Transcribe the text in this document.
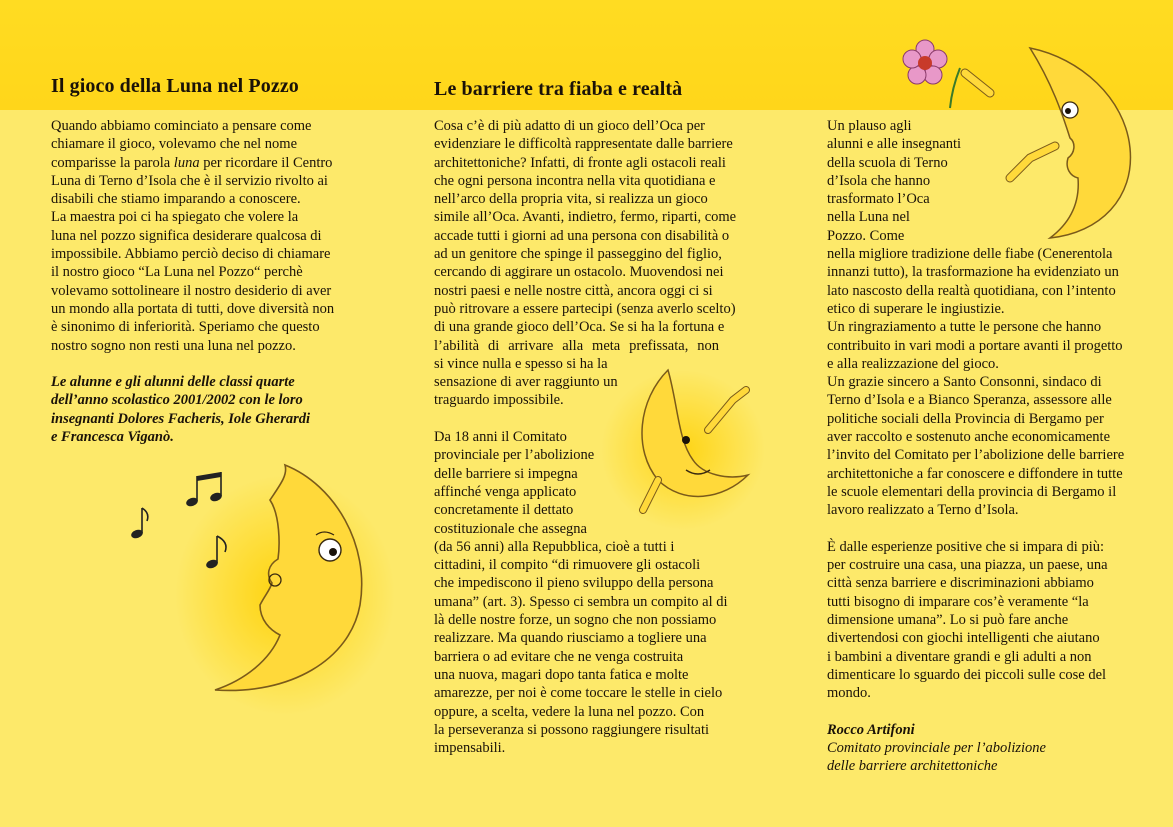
Il gioco della Luna nel Pozzo
Quando abbiamo cominciato a pensare come
chiamare il gioco, volevamo che nel nome
comparisse la parola luna per ricordare il Centro
Luna di Terno d’Isola che è il servizio rivolto ai
disabili che stiamo imparando a conoscere.
La maestra poi ci ha spiegato che volere la
luna nel pozzo significa desiderare qualcosa di
impossibile. Abbiamo perciò deciso di chiamare
il nostro gioco “La Luna nel Pozzo“ perchè
volevamo sottolineare il nostro desiderio di aver
un mondo alla portata di tutti, dove diversità non
è sinonimo di inferiorità. Speriamo che questo
nostro sogno non resti una luna nel pozzo.
Le alunne e gli alunni delle classi quarte
dell’anno scolastico 2001/2002 con le loro
insegnanti Dolores Facheris, Iole Gherardi
e Francesca Viganò.
Le barriere tra fiaba e realtà
Cosa c’è di più adatto di un gioco dell’Oca per
evidenziare le difficoltà rappresentate dalle barriere
architettoniche? Infatti, di fronte agli ostacoli reali
che ogni persona incontra nella vita quotidiana e
nell’arco della propria vita, si realizza un gioco
simile all’Oca. Avanti, indietro, fermo, riparti, come
accade tutti i giorni ad una persona con disabilità o
ad un genitore che spinge il passeggino del figlio,
cercando di aggirare un ostacolo. Muovendosi nei
nostri paesi e nelle nostre città, ancora oggi ci si
può ritrovare a essere partecipi (senza averlo scelto)
di una grande gioco dell’Oca. Se si ha la fortuna e
l’abilità di arrivare alla meta prefissata, non
si vince nulla e spesso si ha la
sensazione di aver raggiunto un
traguardo impossibile.
Da 18 anni il Comitato
provinciale per l’abolizione
delle barriere si impegna
affinché venga applicato
concretamente il dettato
costituzionale che assegna
(da 56 anni) alla Repubblica, cioè a tutti i
cittadini, il compito “di rimuovere gli ostacoli
che impediscono il pieno sviluppo della persona
umana” (art. 3). Spesso ci sembra un compito al di
là delle nostre forze, un sogno che non possiamo
realizzare. Ma quando riusciamo a togliere una
barriera o ad evitare che ne venga costruita
una nuova, magari dopo tanta fatica e molte
amarezze, per noi è come toccare le stelle in cielo
oppure, a scelta, vedere la luna nel pozzo. Con
la perseveranza si possono raggiungere risultati
impensabili.
Un plauso agli
alunni e alle insegnanti
della scuola di Terno
d’Isola che hanno
trasformato l’Oca
nella Luna nel
Pozzo. Come
nella migliore tradizione delle fiabe (Cenerentola
innanzi tutto), la trasformazione ha evidenziato un
lato nascosto della realtà quotidiana, con l’intento
etico di superare le ingiustizie.
Un ringraziamento a tutte le persone che hanno
contribuito in vari modi a portare avanti il progetto
e alla realizzazione del gioco.
Un grazie sincero a Santo Consonni, sindaco di
Terno d’Isola e a Bianco Speranza, assessore alle
politiche sociali della Provincia di Bergamo per
aver raccolto e sostenuto anche economicamente
l’invito del Comitato per l’abolizione delle barriere
architettoniche a far conoscere e diffondere in tutte
le scuole elementari della provincia di Bergamo il
lavoro realizzato a Terno d’Isola.
È dalle esperienze positive che si impara di più:
per costruire una casa, una piazza, un paese, una
città senza barriere e discriminazioni abbiamo
tutti bisogno di imparare cos’è veramente “la
dimensione umana”. Lo si può fare anche
divertendosi con giochi intelligenti che aiutano
i bambini a diventare grandi e gli adulti a non
dimenticare lo sguardo dei piccoli sulle cose del
mondo.
Rocco Artifoni
Comitato provinciale per l’abolizione
delle barriere architettoniche
